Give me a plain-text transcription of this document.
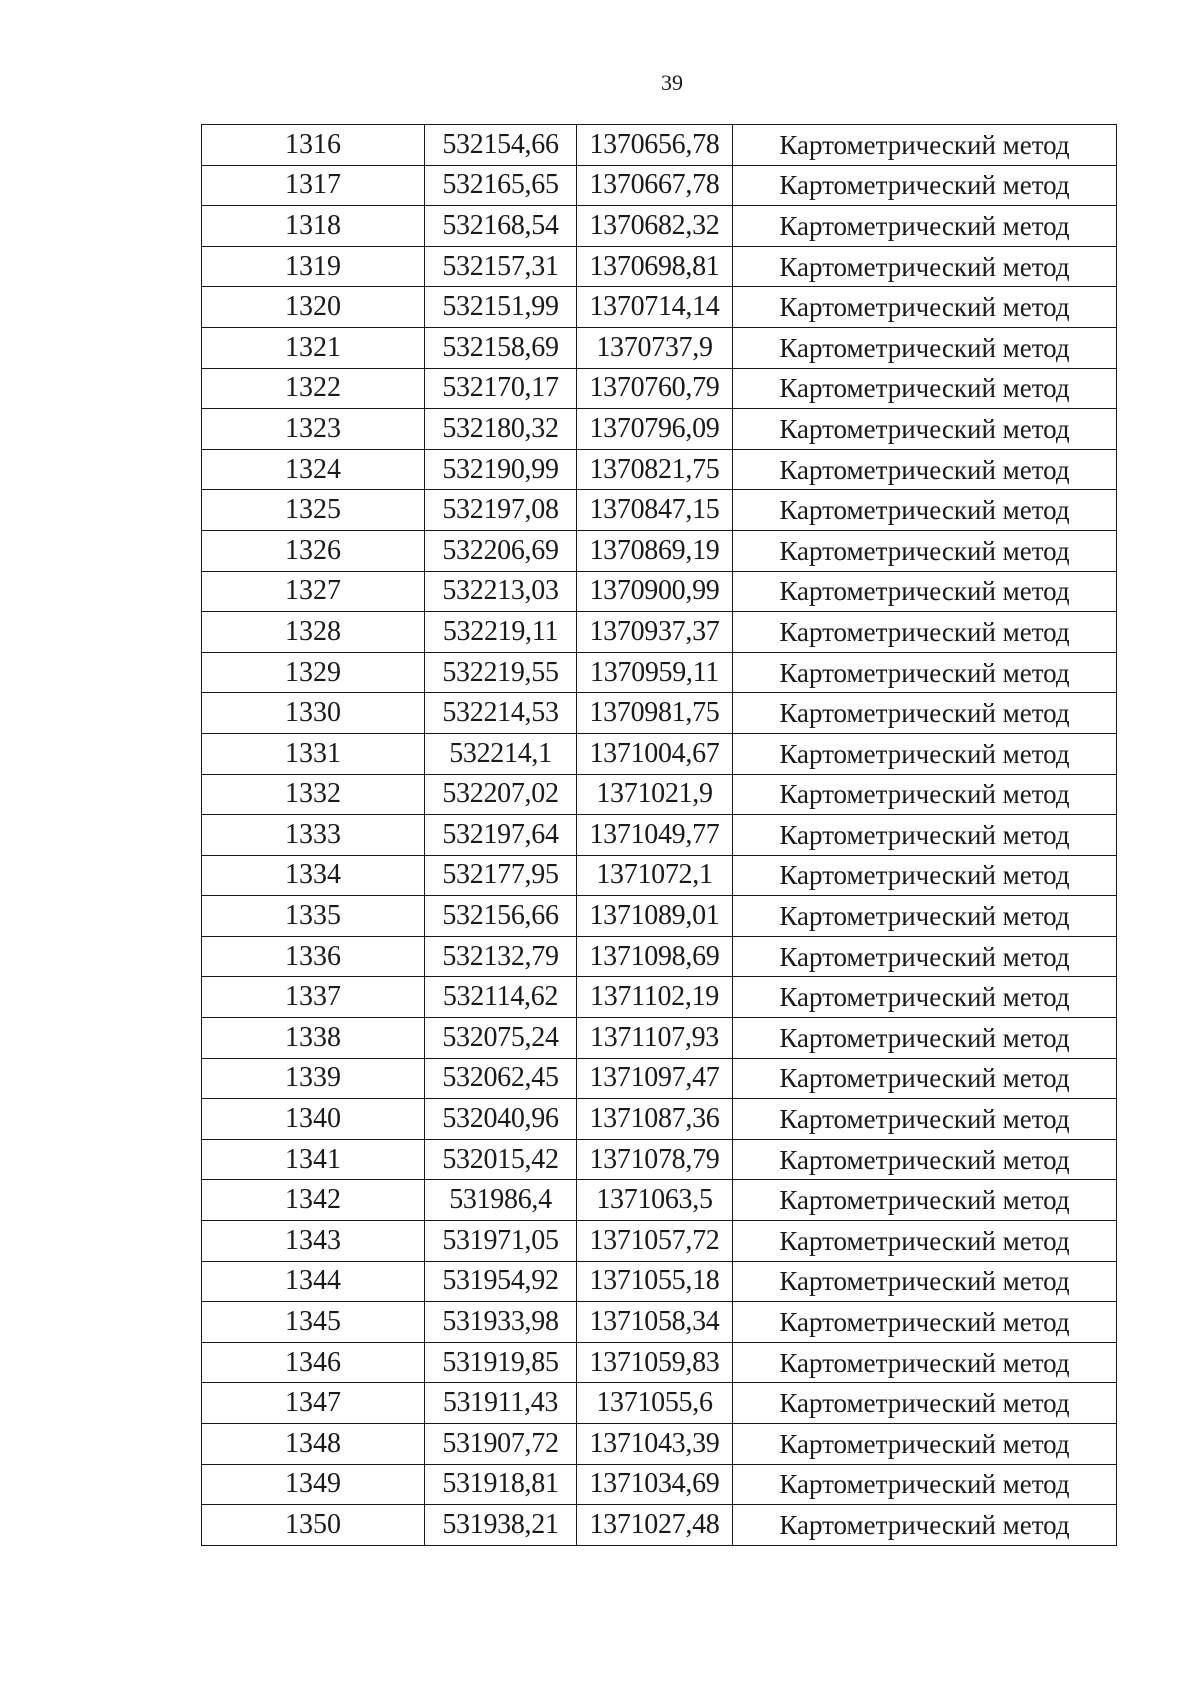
39
1316	532154,66	1370656,78	Картометрический метод
1317	532165,65	1370667,78	Картометрический метод
1318	532168,54	1370682,32	Картометрический метод
1319	532157,31	1370698,81	Картометрический метод
1320	532151,99	1370714,14	Картометрический метод
1321	532158,69	1370737,9	Картометрический метод
1322	532170,17	1370760,79	Картометрический метод
1323	532180,32	1370796,09	Картометрический метод
1324	532190,99	1370821,75	Картометрический метод
1325	532197,08	1370847,15	Картометрический метод
1326	532206,69	1370869,19	Картометрический метод
1327	532213,03	1370900,99	Картометрический метод
1328	532219,11	1370937,37	Картометрический метод
1329	532219,55	1370959,11	Картометрический метод
1330	532214,53	1370981,75	Картометрический метод
1331	532214,1	1371004,67	Картометрический метод
1332	532207,02	1371021,9	Картометрический метод
1333	532197,64	1371049,77	Картометрический метод
1334	532177,95	1371072,1	Картометрический метод
1335	532156,66	1371089,01	Картометрический метод
1336	532132,79	1371098,69	Картометрический метод
1337	532114,62	1371102,19	Картометрический метод
1338	532075,24	1371107,93	Картометрический метод
1339	532062,45	1371097,47	Картометрический метод
1340	532040,96	1371087,36	Картометрический метод
1341	532015,42	1371078,79	Картометрический метод
1342	531986,4	1371063,5	Картометрический метод
1343	531971,05	1371057,72	Картометрический метод
1344	531954,92	1371055,18	Картометрический метод
1345	531933,98	1371058,34	Картометрический метод
1346	531919,85	1371059,83	Картометрический метод
1347	531911,43	1371055,6	Картометрический метод
1348	531907,72	1371043,39	Картометрический метод
1349	531918,81	1371034,69	Картометрический метод
1350	531938,21	1371027,48	Картометрический метод
